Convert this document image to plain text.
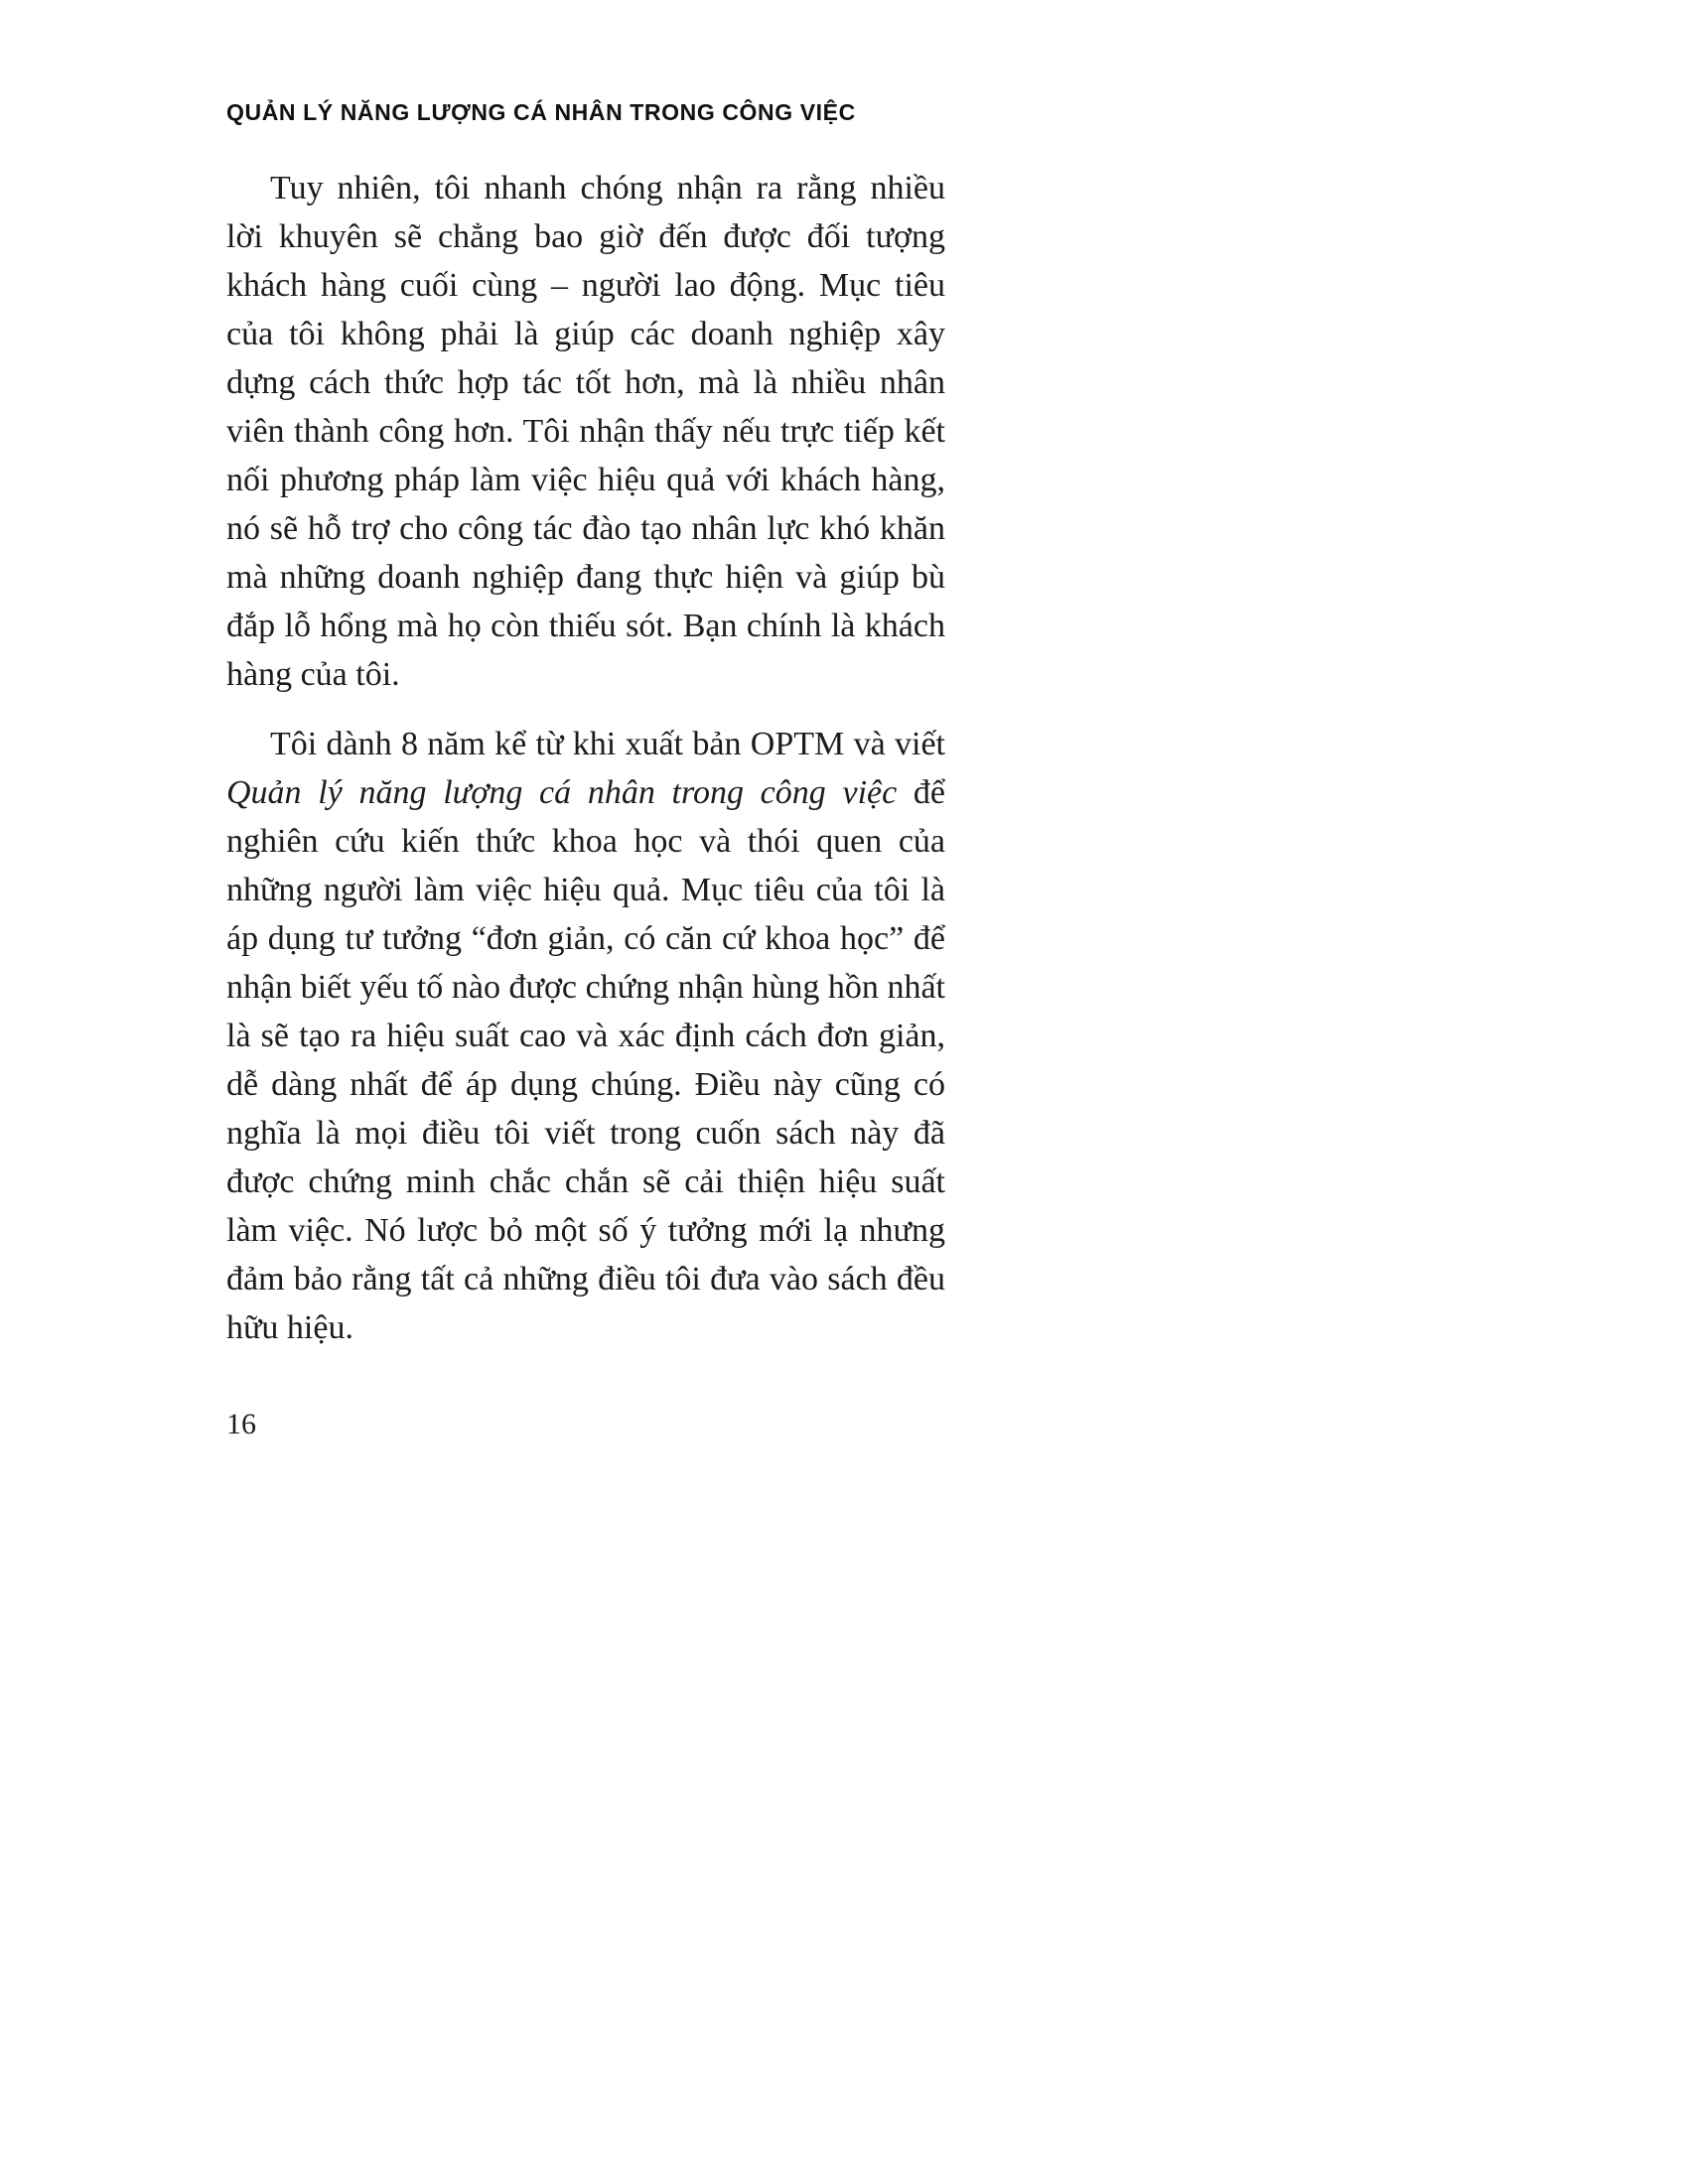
QUẢN LÝ NĂNG LƯỢNG CÁ NHÂN TRONG CÔNG VIỆC

Tuy nhiên, tôi nhanh chóng nhận ra rằng nhiều lời khuyên sẽ chẳng bao giờ đến được đối tượng khách hàng cuối cùng – người lao động. Mục tiêu của tôi không phải là giúp các doanh nghiệp xây dựng cách thức hợp tác tốt hơn, mà là nhiều nhân viên thành công hơn. Tôi nhận thấy nếu trực tiếp kết nối phương pháp làm việc hiệu quả với khách hàng, nó sẽ hỗ trợ cho công tác đào tạo nhân lực khó khăn mà những doanh nghiệp đang thực hiện và giúp bù đắp lỗ hổng mà họ còn thiếu sót. Bạn chính là khách hàng của tôi.

Tôi dành 8 năm kể từ khi xuất bản OPTM và viết Quản lý năng lượng cá nhân trong công việc để nghiên cứu kiến thức khoa học và thói quen của những người làm việc hiệu quả. Mục tiêu của tôi là áp dụng tư tưởng “đơn giản, có căn cứ khoa học” để nhận biết yếu tố nào được chứng nhận hùng hồn nhất là sẽ tạo ra hiệu suất cao và xác định cách đơn giản, dễ dàng nhất để áp dụng chúng. Điều này cũng có nghĩa là mọi điều tôi viết trong cuốn sách này đã được chứng minh chắc chắn sẽ cải thiện hiệu suất làm việc. Nó lược bỏ một số ý tưởng mới lạ nhưng đảm bảo rằng tất cả những điều tôi đưa vào sách đều hữu hiệu.

16
